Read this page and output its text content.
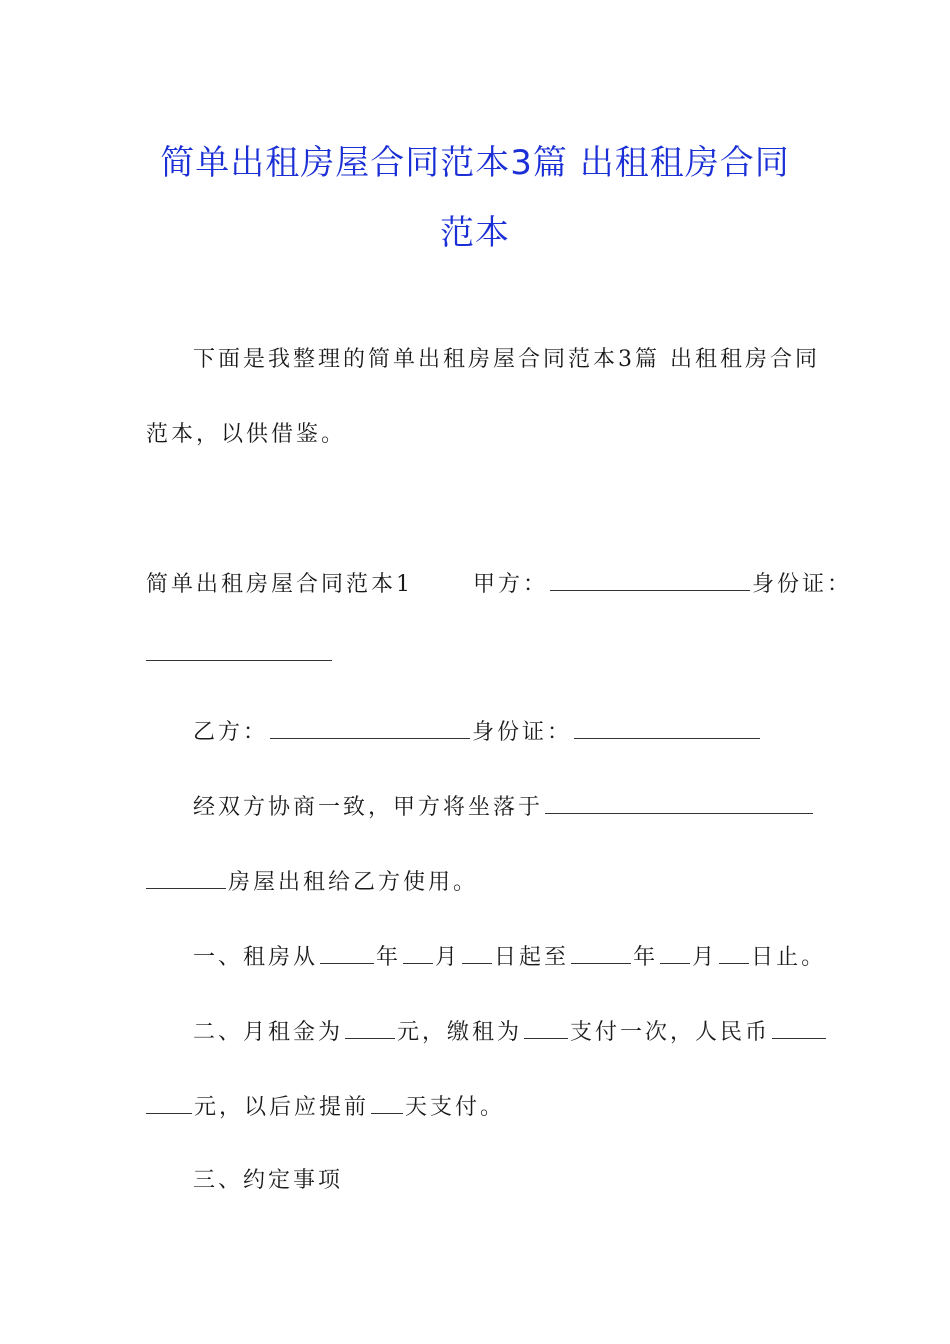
简单出租房屋合同范本3篇 出租租房合同
范本
下面是我整理的简单出租房屋合同范本3篇 出租租房合同
范本，以供借鉴。
简单出租房屋合同范本1	甲方：	身份证：
乙方：	身份证：
经双方协商一致，甲方将坐落于
房屋出租给乙方使用。
一、租房从	年 月 日起至	年 月 日止。
二、月租金为 元，缴租为 支付一次，人民币
元，以后应提前 天支付。
三、约定事项
